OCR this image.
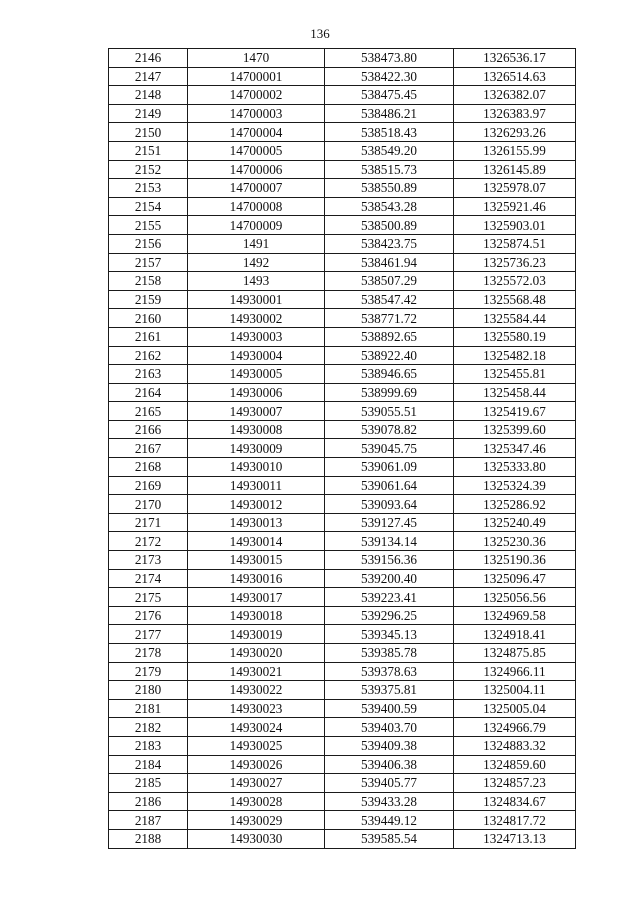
136
2146	1470	538473.80	1326536.17
2147	14700001	538422.30	1326514.63
2148	14700002	538475.45	1326382.07
2149	14700003	538486.21	1326383.97
2150	14700004	538518.43	1326293.26
2151	14700005	538549.20	1326155.99
2152	14700006	538515.73	1326145.89
2153	14700007	538550.89	1325978.07
2154	14700008	538543.28	1325921.46
2155	14700009	538500.89	1325903.01
2156	1491	538423.75	1325874.51
2157	1492	538461.94	1325736.23
2158	1493	538507.29	1325572.03
2159	14930001	538547.42	1325568.48
2160	14930002	538771.72	1325584.44
2161	14930003	538892.65	1325580.19
2162	14930004	538922.40	1325482.18
2163	14930005	538946.65	1325455.81
2164	14930006	538999.69	1325458.44
2165	14930007	539055.51	1325419.67
2166	14930008	539078.82	1325399.60
2167	14930009	539045.75	1325347.46
2168	14930010	539061.09	1325333.80
2169	14930011	539061.64	1325324.39
2170	14930012	539093.64	1325286.92
2171	14930013	539127.45	1325240.49
2172	14930014	539134.14	1325230.36
2173	14930015	539156.36	1325190.36
2174	14930016	539200.40	1325096.47
2175	14930017	539223.41	1325056.56
2176	14930018	539296.25	1324969.58
2177	14930019	539345.13	1324918.41
2178	14930020	539385.78	1324875.85
2179	14930021	539378.63	1324966.11
2180	14930022	539375.81	1325004.11
2181	14930023	539400.59	1325005.04
2182	14930024	539403.70	1324966.79
2183	14930025	539409.38	1324883.32
2184	14930026	539406.38	1324859.60
2185	14930027	539405.77	1324857.23
2186	14930028	539433.28	1324834.67
2187	14930029	539449.12	1324817.72
2188	14930030	539585.54	1324713.13
